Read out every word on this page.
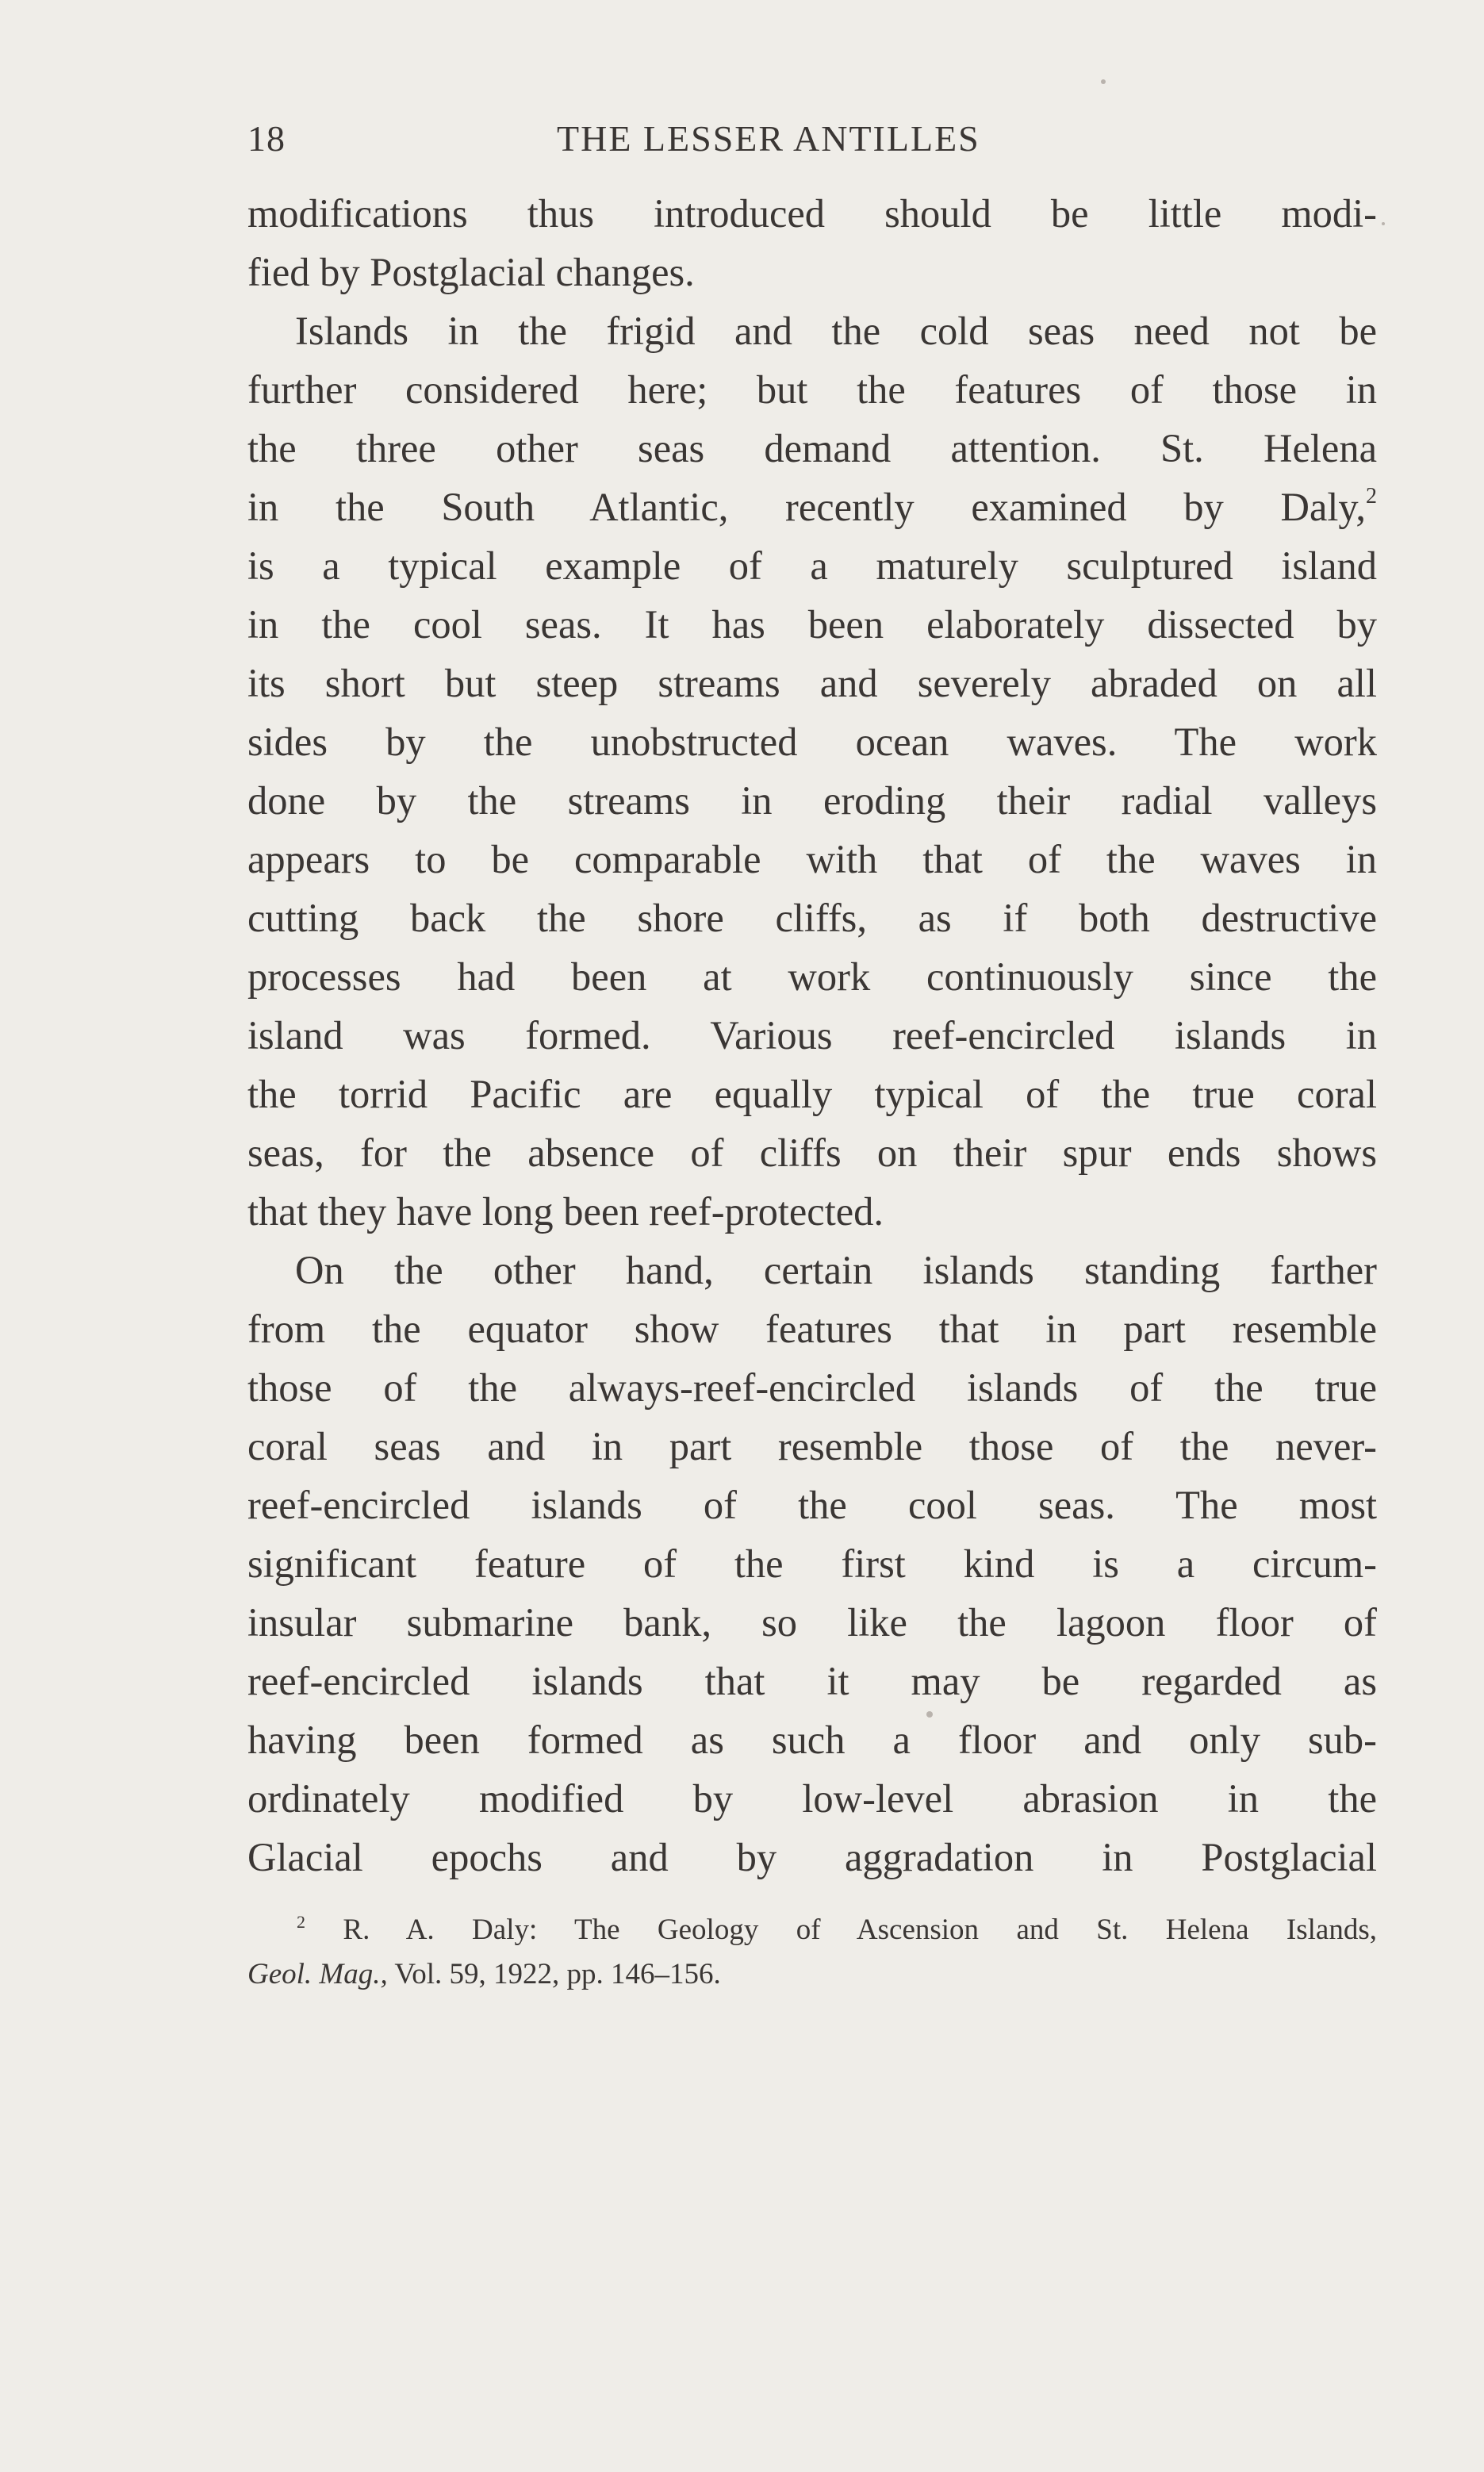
18	THE LESSER ANTILLES
modifications thus introduced should be little modi-
fied by Postglacial changes.
Islands in the frigid and the cold seas need not be
further considered here; but the features of those in
the three other seas demand attention. St. Helena
in the South Atlantic, recently examined by Daly,$^2$
is a typical example of a maturely sculptured island
in the cool seas. It has been elaborately dissected by
its short but steep streams and severely abraded on all
sides by the unobstructed ocean waves. The work
done by the streams in eroding their radial valleys
appears to be comparable with that of the waves in
cutting back the shore cliffs, as if both destructive
processes had been at work continuously since the
island was formed. Various reef-encircled islands in
the torrid Pacific are equally typical of the true coral
seas, for the absence of cliffs on their spur ends shows
that they have long been reef-protected.
On the other hand, certain islands standing farther
from the equator show features that in part resemble
those of the always-reef-encircled islands of the true
coral seas and in part resemble those of the never-
reef-encircled islands of the cool seas. The most
significant feature of the first kind is a circum-
insular submarine bank, so like the lagoon floor of
reef-encircled islands that it may be regarded as
having been formed as such a floor and only sub-
ordinately modified by low-level abrasion in the
Glacial epochs and by aggradation in Postglacial
$^2$ R. A. Daly: The Geology of Ascension and St. Helena Islands,
Geol. Mag., Vol. 59, 1922, pp. 146–156.
